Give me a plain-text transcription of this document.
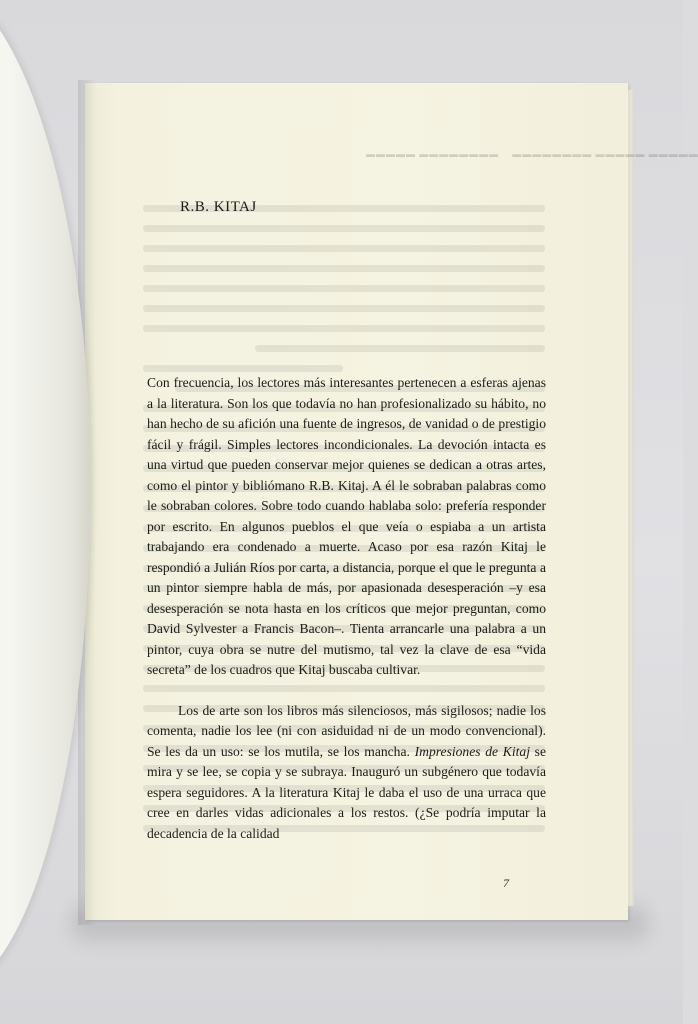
▬▬▬▬▬ ▬▬▬▬▬ ▬▬▬▬▬▬▬▬    ▬▬▬▬▬▬▬▬ ▬▬▬▬▬
R.B. KITAJ

Con frecuencia, los lectores más interesantes pertenecen a esferas ajenas a la literatura. Son los que todavía no han profesionalizado su hábito, no han hecho de su afición una fuente de ingresos, de vanidad o de prestigio fácil y frágil. Simples lectores incondicionales. La devoción intacta es una virtud que pueden conservar mejor quienes se dedican a otras artes, como el pintor y bibliómano R.B. Kitaj. A él le sobraban palabras como le sobraban colores. Sobre todo cuando hablaba solo: prefería responder por escrito. En algunos pueblos el que veía o espiaba a un artista trabajando era condenado a muerte. Acaso por esa razón Kitaj le respondió a Julián Ríos por carta, a distancia, porque el que le pregunta a un pintor siempre habla de más, por apasionada desesperación –y esa desesperación se nota hasta en los críticos que mejor preguntan, como David Sylvester a Francis Bacon–. Tienta arrancarle una palabra a un pintor, cuya obra se nutre del mutismo, tal vez la clave de esa “vida secreta” de los cuadros que Kitaj buscaba cultivar.

Los de arte son los libros más silenciosos, más sigilosos; nadie los comenta, nadie los lee (ni con asiduidad ni de un modo convencional). Se les da un uso: se los mutila, se los mancha. Impresiones de Kitaj se mira y se lee, se copia y se subraya. Inauguró un subgénero que todavía espera seguidores. A la literatura Kitaj le daba el uso de una urraca que cree en darles vidas adicionales a los restos. (¿Se podría imputar la decadencia de la calidad

7
